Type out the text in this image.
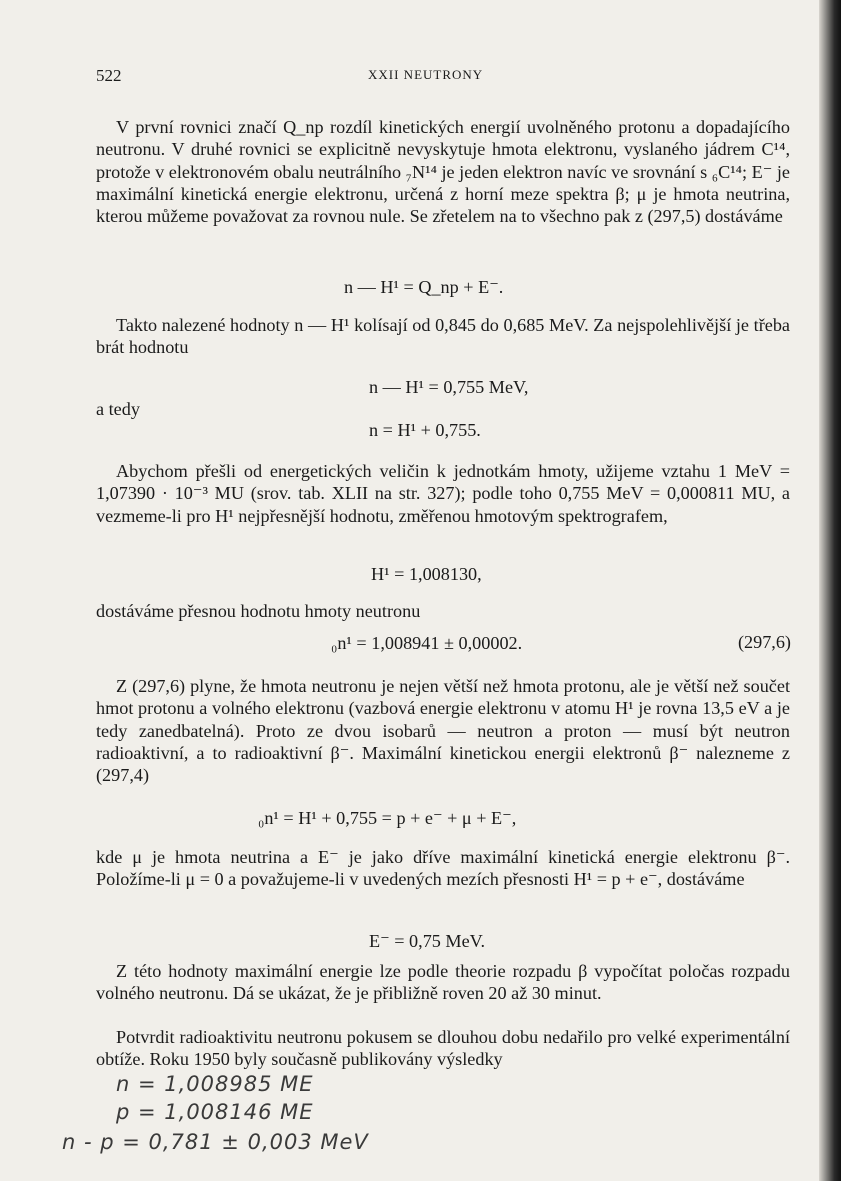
522	XXII NEUTRONY

V první rovnici značí Q_np rozdíl kinetických energií uvolněného protonu a dopadajícího neutronu. V druhé rovnici se explicitně nevyskytuje hmota elektronu, vyslaného jádrem C¹⁴, protože v elektronovém obalu neutrálního ₇N¹⁴ je jeden elektron navíc ve srovnání s ₆C¹⁴; E⁻ je maximální kinetická energie elektronu, určená z horní meze spektra β; μ je hmota neutrina, kterou můžeme považovat za rovnou nule. Se zřetelem na to všechno pak z (297,5) dostáváme

n — H¹ = Q_np + E⁻.

Takto nalezené hodnoty n — H¹ kolísají od 0,845 do 0,685 MeV. Za nejspolehlivější je třeba brát hodnotu

n — H¹ = 0,755 MeV,
a tedy
n = H¹ + 0,755.

Abychom přešli od energetických veličin k jednotkám hmoty, užijeme vztahu 1 MeV = 1,07390 · 10⁻³ MU (srov. tab. XLII na str. 327); podle toho 0,755 MeV = 0,000811 MU, a vezmeme-li pro H¹ nejpřesnější hodnotu, změřenou hmotovým spektrografem,

H¹ = 1,008130,

dostáváme přesnou hodnotu hmoty neutronu

₀n¹ = 1,008941 ± 0,00002.	(297,6)

Z (297,6) plyne, že hmota neutronu je nejen větší než hmota protonu, ale je větší než součet hmot protonu a volného elektronu (vazbová energie elektronu v atomu H¹ je rovna 13,5 eV a je tedy zanedbatelná). Proto ze dvou isobarů — neutron a proton — musí být neutron radioaktivní, a to radioaktivní β⁻. Maximální kinetickou energii elektronů β⁻ nalezneme z (297,4)

₀n¹ = H¹ + 0,755 = p + e⁻ + μ + E⁻,

kde μ je hmota neutrina a E⁻ je jako dříve maximální kinetická energie elektronu β⁻. Položíme-li μ = 0 a považujeme-li v uvedených mezích přesnosti H¹ = p + e⁻, dostáváme

E⁻ = 0,75 MeV.

Z této hodnoty maximální energie lze podle theorie rozpadu β vypočítat poločas rozpadu volného neutronu. Dá se ukázat, že je přibližně roven 20 až 30 minut.

Potvrdit radioaktivitu neutronu pokusem se dlouhou dobu nedařilo pro velké experimentální obtíže. Roku 1950 byly současně publikovány výsledky

n = 1,008985 ME
p = 1,008146 ME
n - p = 0,781 ± 0,003 MeV
